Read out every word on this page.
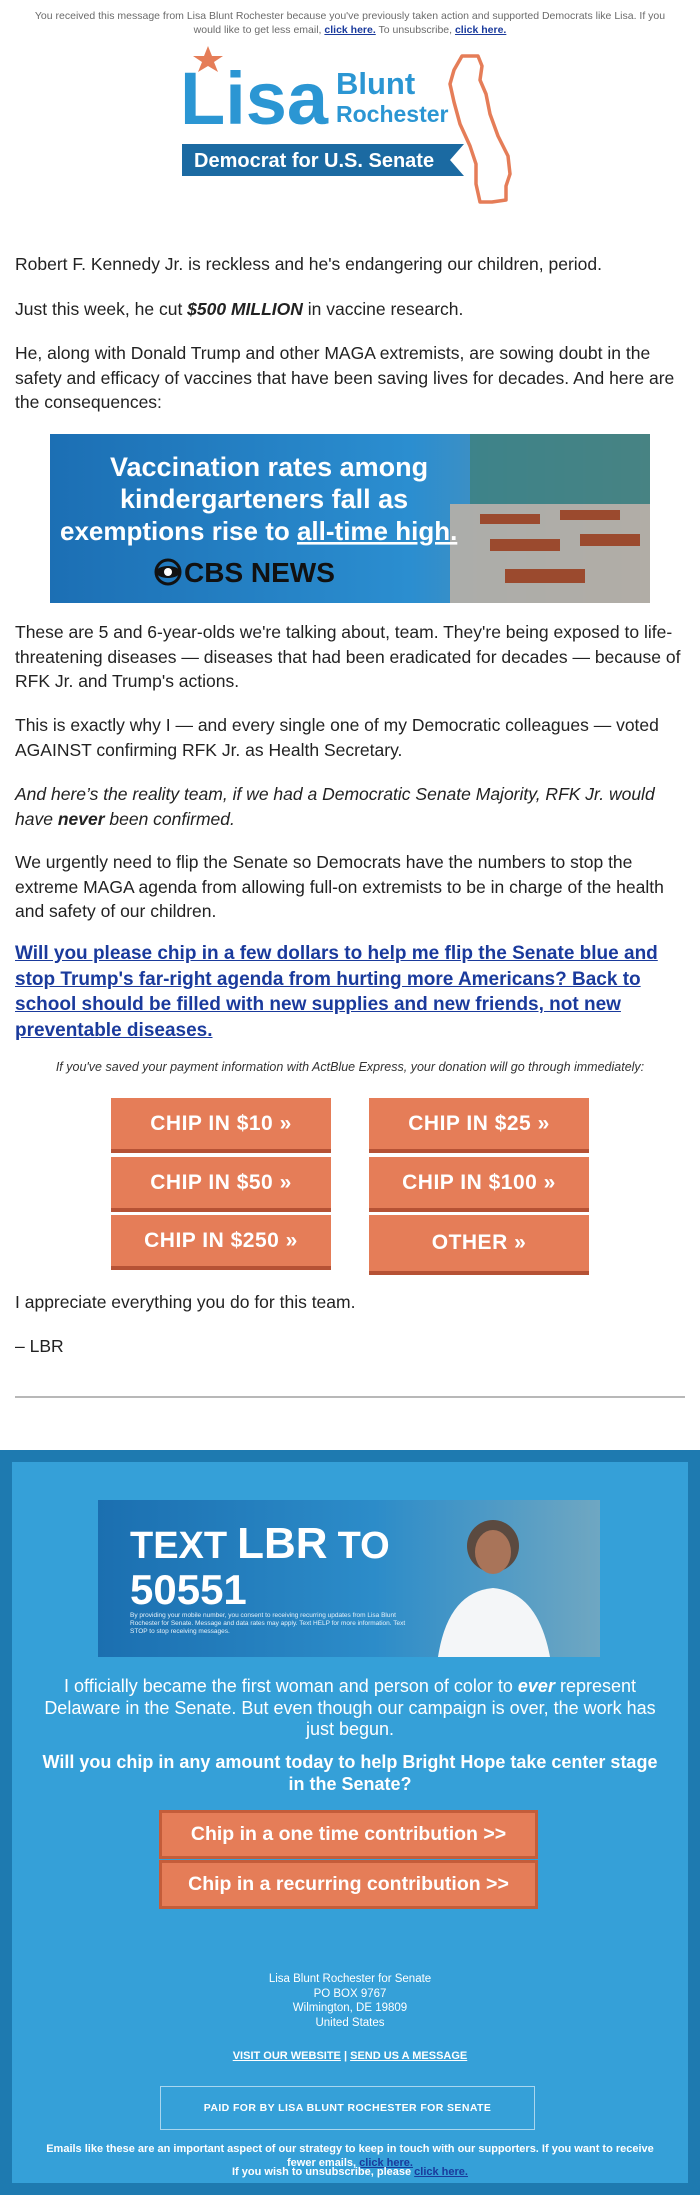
You received this message from Lisa Blunt Rochester because you've previously taken action and supported Democrats like Lisa. If you would like to get less email, click here. To unsubscribe, click here.
Lisa Blunt
Rochester
Democrat for U.S. Senate

Robert F. Kennedy Jr. is reckless and he's endangering our children, period.

Just this week, he cut $500 MILLION in vaccine research.

He, along with Donald Trump and other MAGA extremists, are sowing doubt in the safety and efficacy of vaccines that have been saving lives for decades. And here are the consequences:

Vaccination rates among
kindergarteners fall as
exemptions rise to all-time high.
CBS NEWS

These are 5 and 6-year-olds we're talking about, team. They're being exposed to life-threatening diseases — diseases that had been eradicated for decades — because of RFK Jr. and Trump's actions.

This is exactly why I — and every single one of my Democratic colleagues — voted AGAINST confirming RFK Jr. as Health Secretary.

And here’s the reality team, if we had a Democratic Senate Majority, RFK Jr. would have never been confirmed.

We urgently need to flip the Senate so Democrats have the numbers to stop the extreme MAGA agenda from allowing full-on extremists to be in charge of the health and safety of our children.

Will you please chip in a few dollars to help me flip the Senate blue and stop Trump's far-right agenda from hurting more Americans? Back to school should be filled with new supplies and new friends, not new preventable diseases.
If you've saved your payment information with ActBlue Express, your donation will go through immediately:
CHIP IN $10 »	CHIP IN $25 »
CHIP IN $50 »	CHIP IN $100 »
CHIP IN $250 »	OTHER »
I appreciate everything you do for this team.
– LBR
TEXT LBR TO
50551
By providing your mobile number, you consent to receiving recurring updates from Lisa Blunt Rochester for Senate. Message and data rates may apply. Text HELP for more information. Text STOP to stop receiving messages.
I officially became the first woman and person of color to ever represent Delaware in the Senate. But even though our campaign is over, the work has just begun.
Will you chip in any amount today to help Bright Hope take center stage in the Senate?
Chip in a one time contribution >>
Chip in a recurring contribution >>
Lisa Blunt Rochester for Senate
PO BOX 9767
Wilmington, DE 19809
United States
VISIT OUR WEBSITE | SEND US A MESSAGE
PAID FOR BY LISA BLUNT ROCHESTER FOR SENATE
Emails like these are an important aspect of our strategy to keep in touch with our supporters. If you want to receive fewer emails, click here.
If you wish to unsubscribe, please click here.
